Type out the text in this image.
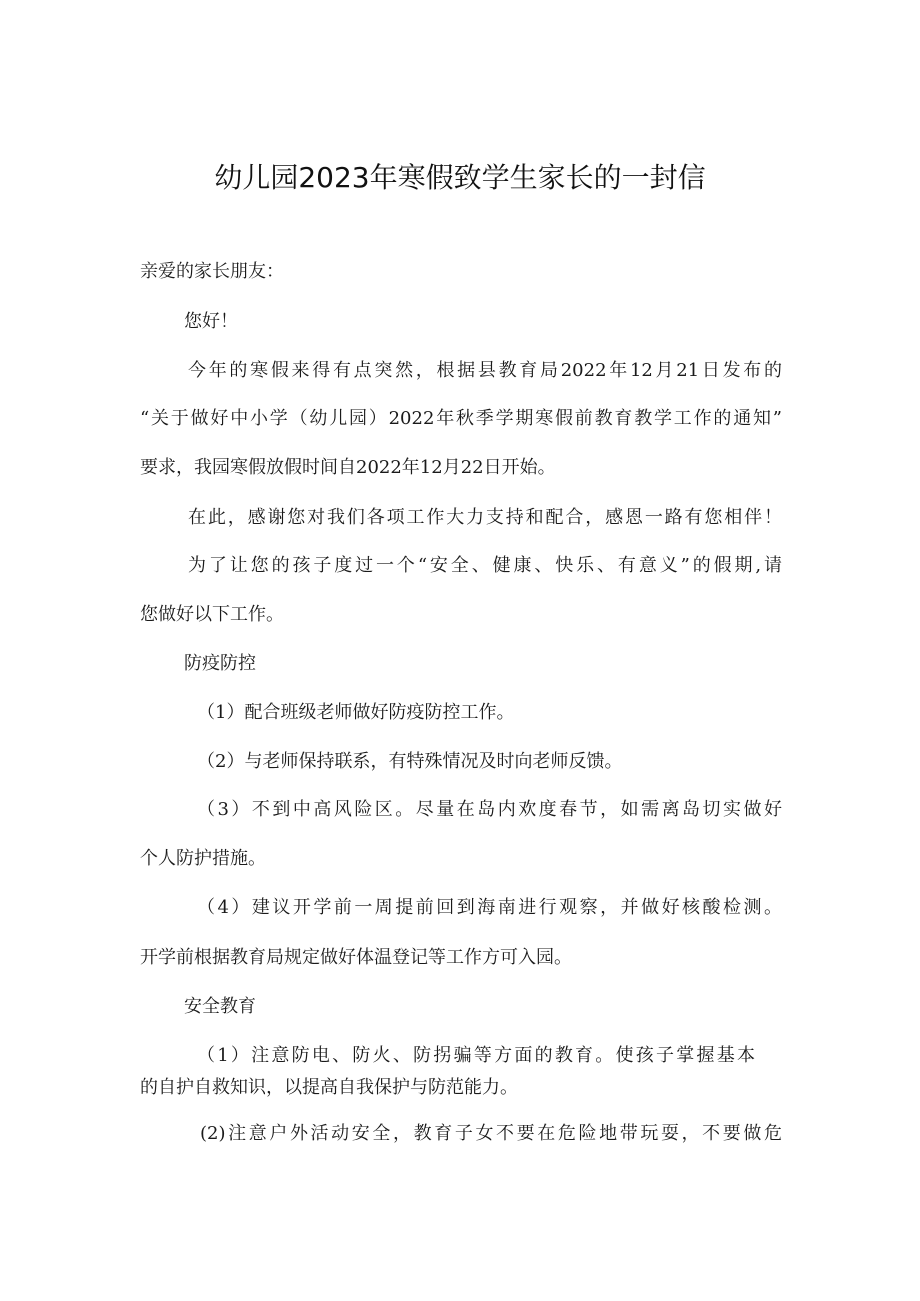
幼儿园2023年寒假致学生家长的一封信
亲爱的家长朋友：
您好！
今年的寒假来得有点突然，根据县教育局2022年12月21日发布的
“关于做好中小学（幼儿园）2022年秋季学期寒假前教育教学工作的通知”
要求，我园寒假放假时间自2022年12月22日开始。
在此，感谢您对我们各项工作大力支持和配合，感恩一路有您相伴！
为了让您的孩子度过一个“安全、健康、快乐、有意义”的假期,请
您做好以下工作。
防疫防控
（1）配合班级老师做好防疫防控工作。
（2）与老师保持联系，有特殊情况及时向老师反馈。
（3）不到中高风险区。尽量在岛内欢度春节，如需离岛切实做好
个人防护措施。
（4）建议开学前一周提前回到海南进行观察，并做好核酸检测。
开学前根据教育局规定做好体温登记等工作方可入园。
安全教育
（1）注意防电、防火、防拐骗等方面的教育。使孩子掌握基本
的自护自救知识，以提高自我保护与防范能力。
(2)注意户外活动安全，教育子女不要在危险地带玩耍，不要做危
